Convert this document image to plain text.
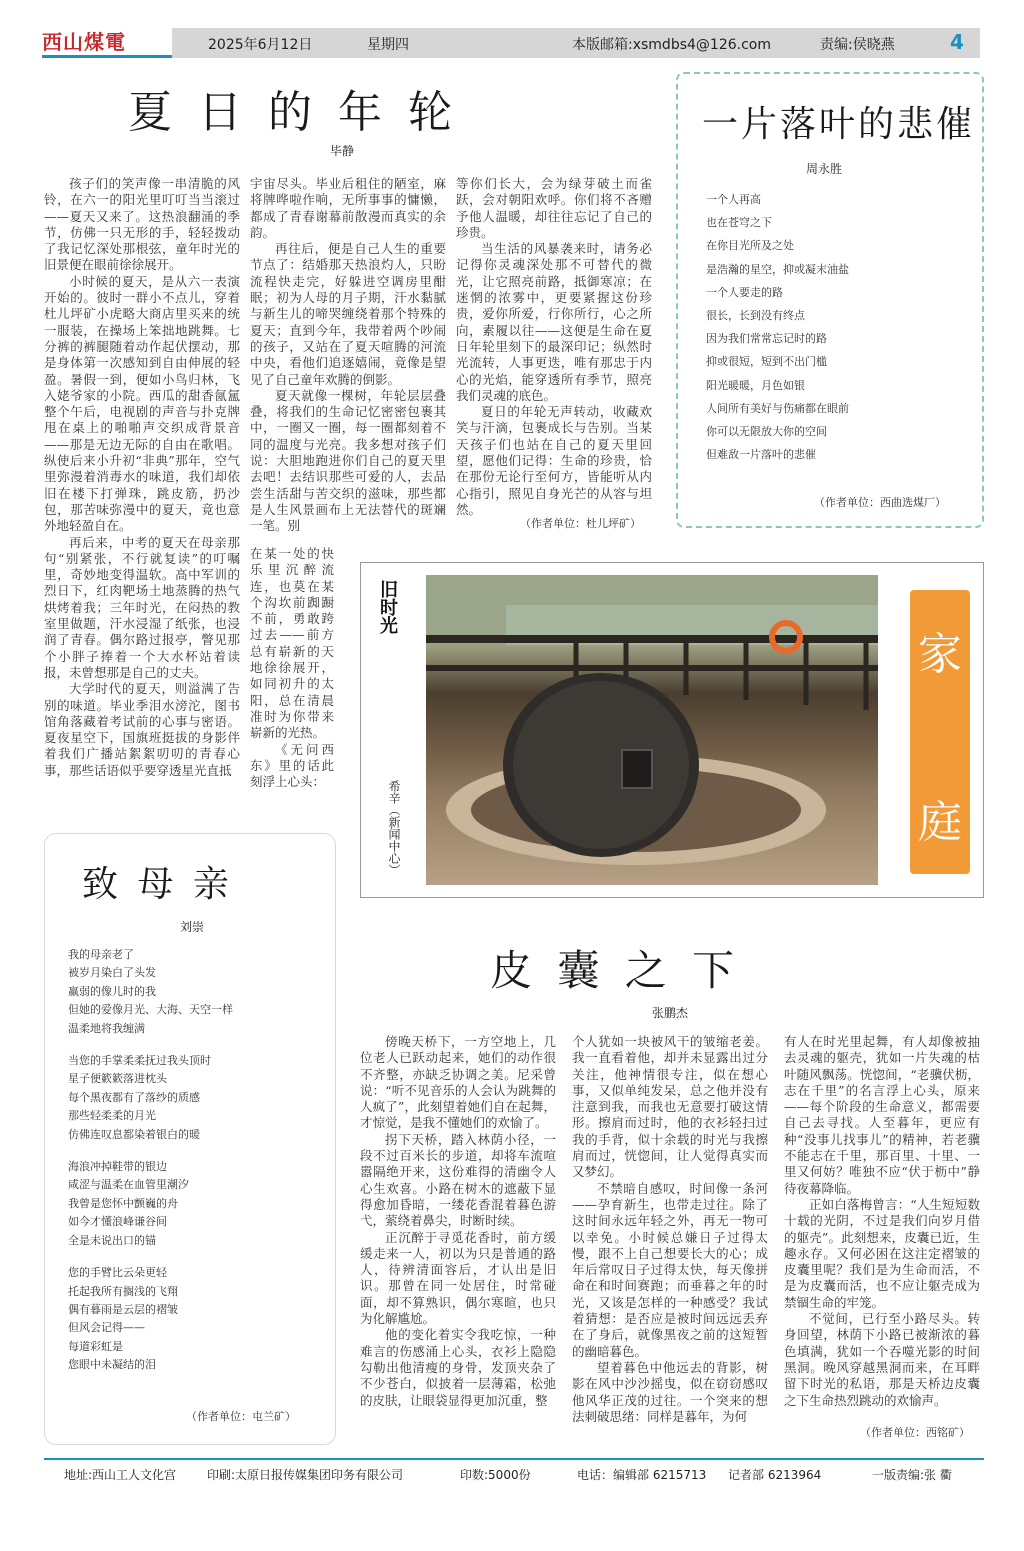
西山煤電	2025年6月12日	星期四	本版邮箱:xsmdbs4@126.com	责编:侯晓燕	4
夏 日 的 年 轮
毕静

孩子们的笑声像一串清脆的风铃，在六一的阳光里叮叮当当滚过——夏天又来了。这热浪翻涌的季节，仿佛一只无形的手，轻轻拨动了我记忆深处那根弦，童年时光的旧景便在眼前徐徐展开。

小时候的夏天，是从六一表演开始的。彼时一群小不点儿，穿着杜儿坪矿小虎略大商店里买来的统一服装，在操场上笨拙地跳舞。七分裤的裤腿随着动作起伏摆动，那是身体第一次感知到自由伸展的轻盈。暑假一到，便如小鸟归林，飞入姥爷家的小院。西瓜的甜香氤氲整个午后，电视剧的声音与扑克牌甩在桌上的啪啪声交织成背景音——那是无边无际的自由在歌唱。纵使后来小升初“非典”那年，空气里弥漫着消毒水的味道，我们却依旧在楼下打弹珠，跳皮筋，扔沙包，那苦味弥漫中的夏天，竟也意外地轻盈自在。

再后来，中考的夏天在母亲那句“别紧张，不行就复读”的叮嘱里，奇妙地变得温软。高中军训的烈日下，红肉靶场土地蒸腾的热气烘烤着我；三年时光，在闷热的教室里做题，汗水浸湿了纸张，也浸润了青春。偶尔路过报亭，瞥见那个小胖子捧着一个大水杯站着读报，未曾想那是自己的丈夫。

大学时代的夏天，则溢满了告别的味道。毕业季泪水滂沱，图书馆角落藏着考试前的心事与密语。夏夜星空下，国旗班挺拔的身影伴着我们广播站絮絮叨叨的青春心事，那些话语似乎要穿透星光直抵

宇宙尽头。毕业后租住的陋室，麻将牌哗啦作响，无所事事的慵懒，都成了青春谢幕前散漫而真实的余韵。

再往后，便是自己人生的重要节点了：结婚那天热浪灼人，只盼流程快走完，好躲进空调房里酣眠；初为人母的月子期，汗水黏腻与新生儿的啼哭缠绕着那个特殊的夏天；直到今年，我带着两个吵闹的孩子，又站在了夏天喧腾的河流中央，看他们追逐嬉闹，竟像是望见了自己童年欢腾的倒影。

夏天就像一棵树，年轮层层叠叠，将我们的生命记忆密密包裹其中，一圈又一圈，每一圈都刻着不同的温度与光亮。我多想对孩子们说：大胆地跑进你们自己的夏天里去吧！去结识那些可爱的人，去品尝生活甜与苦交织的滋味，那些都是人生风景画布上无法替代的斑斓一笔。别

在某一处的快乐里沉醉流连，也莫在某个沟坎前踟蹰不前，勇敢跨过去——前方总有崭新的天地徐徐展开，如同初升的太阳，总在清晨准时为你带来崭新的光热。

《无问西东》里的话此刻浮上心头：

等你们长大，会为绿芽破土而雀跃，会对朝阳欢呼。你们将不吝赠予他人温暖，却往往忘记了自己的珍贵。

当生活的风暴袭来时，请务必记得你灵魂深处那不可替代的微光，让它照亮前路，抵御寒凉；在迷惘的浓雾中，更要紧握这份珍贵，爱你所爱，行你所行，心之所向，素履以往——这便是生命在夏日年轮里刻下的最深印记；纵然时光流转，人事更迭，唯有那忠于内心的光焰，能穿透所有季节，照亮我们灵魂的底色。

夏日的年轮无声转动，收藏欢笑与汗滴，包裹成长与告别。当某天孩子们也站在自己的夏天里回望，愿他们记得：生命的珍贵，恰在那份无论行至何方，皆能听从内心指引，照见自身光芒的从容与坦然。

（作者单位：杜儿坪矿）
一片落叶的悲催
周永胜
一个人再高
也在苍穹之下
在你目光所及之处
是浩瀚的星空，抑或凝末油盐
一个人要走的路
很长，长到没有终点
因为我们常常忘记时的路
抑或很短，短到不出门槛
阳光暖暖，月色如银
人间所有美好与伤痛都在眼前
你可以无限放大你的空间
但难敌一片落叶的悲催
（作者单位：西曲选煤厂）
旧时光
希辛（新闻中心）
家
庭
致 母 亲
刘崇
我的母亲老了
被岁月染白了头发
羸弱的像儿时的我
但她的爱像月光、大海、天空一样
温柔地将我缠满
当您的手掌柔柔抚过我头顶时
星子便簌簌落进枕头
每个黑夜都有了落纱的质感
那些轻柔柔的月光
仿佛连叹息都染着银白的暖
海浪冲掉鞋带的银边
咸涩与温柔在血管里潮汐
我曾是您怀中颤巍的舟
如今才懂浪峰谦谷间
全是未说出口的锚
您的手臂比云朵更轻
托起我所有搁浅的飞翔
偶有暮雨是云层的褶皱
但风会记得——
每道彩虹是
您眼中未凝结的泪
（作者单位：屯兰矿）
皮 囊 之 下
张鹏杰

傍晚天桥下，一方空地上，几位老人已跃动起来，她们的动作很不齐整，亦缺乏协调之美。尼采曾说：“听不见音乐的人会认为跳舞的人疯了”，此刻望着她们自在起舞，才惊觉，是我不懂她们的欢愉了。

拐下天桥，踏入林荫小径，一段不过百米长的步道，却将车流喧嚣隔绝开来，这份难得的清幽令人心生欢喜。小路在树木的遮蔽下显得愈加昏暗，一缕花香混着暮色游弋，萦绕着鼻尖，时断时续。

正沉醉于寻觅花香时，前方缓缓走来一人，初以为只是普通的路人，待辨清面容后，才认出是旧识。那曾在同一处居住，时常碰面，却不算熟识，偶尔寒暄，也只为化解尴尬。

他的变化着实令我吃惊，一种难言的伤感涌上心头，衣衫上隐隐勾勒出他清瘦的身骨，发顶夹杂了不少苍白，似披着一层薄霜，松弛的皮肤，让眼袋显得更加沉重，整

个人犹如一块被风干的皱缩老姜。我一直看着他，却并未显露出过分关注，他神情很专注，似在想心事，又似单纯发呆，总之他并没有注意到我，而我也无意要打破这情形。擦肩而过时，他的衣衫轻扫过我的手背，似十余载的时光与我擦肩而过，恍惚间，让人觉得真实而又梦幻。

不禁暗自感叹，时间像一条河——孕育新生，也带走过往。除了这时间永远年轻之外，再无一物可以幸免。小时候总嫌日子过得太慢，跟不上自己想要长大的心；成年后常叹日子过得太快，每天像拼命在和时间赛跑；而垂暮之年的时光，又该是怎样的一种感受？我试着猜想：是否应是被时间远远丢弃在了身后，就像黑夜之前的这短暂的幽暗暮色。

望着暮色中他远去的背影，树影在风中沙沙摇曳，似在窃窃感叹他风华正茂的过往。一个突来的想法刺破思绪：同样是暮年，为何

有人在时光里起舞，有人却像被抽去灵魂的躯壳，犹如一片失魂的枯叶随风飘荡。恍惚间，“老骥伏枥，志在千里”的名言浮上心头，原来——每个阶段的生命意义，都需要自己去寻找。人至暮年，更应有种“没事儿找事儿”的精神，若老骥不能志在千里，那百里、十里、一里又何妨？唯独不应“伏于枥中”静待夜幕降临。

正如白落梅曾言：“人生短短数十载的光阴，不过是我们向岁月借的躯壳”。此刻想来，皮囊已近，生趣永存。又何必困在这注定褶皱的皮囊里呢？我们是为生命而活，不是为皮囊而活，也不应让躯壳成为禁锢生命的牢笼。

不觉间，已行至小路尽头。转身回望，林荫下小路已被渐浓的暮色填满，犹如一个吞噬光影的时间黑洞。晚风穿越黑洞而来，在耳畔留下时光的私语，那是天桥边皮囊之下生命热烈跳动的欢愉声。

（作者单位：西铭矿）
地址:西山工人文化宫	印刷:太原日报传媒集团印务有限公司	印数:5000份	电话：编辑部 6215713 记者部 6213964	一版责编:张 衢
